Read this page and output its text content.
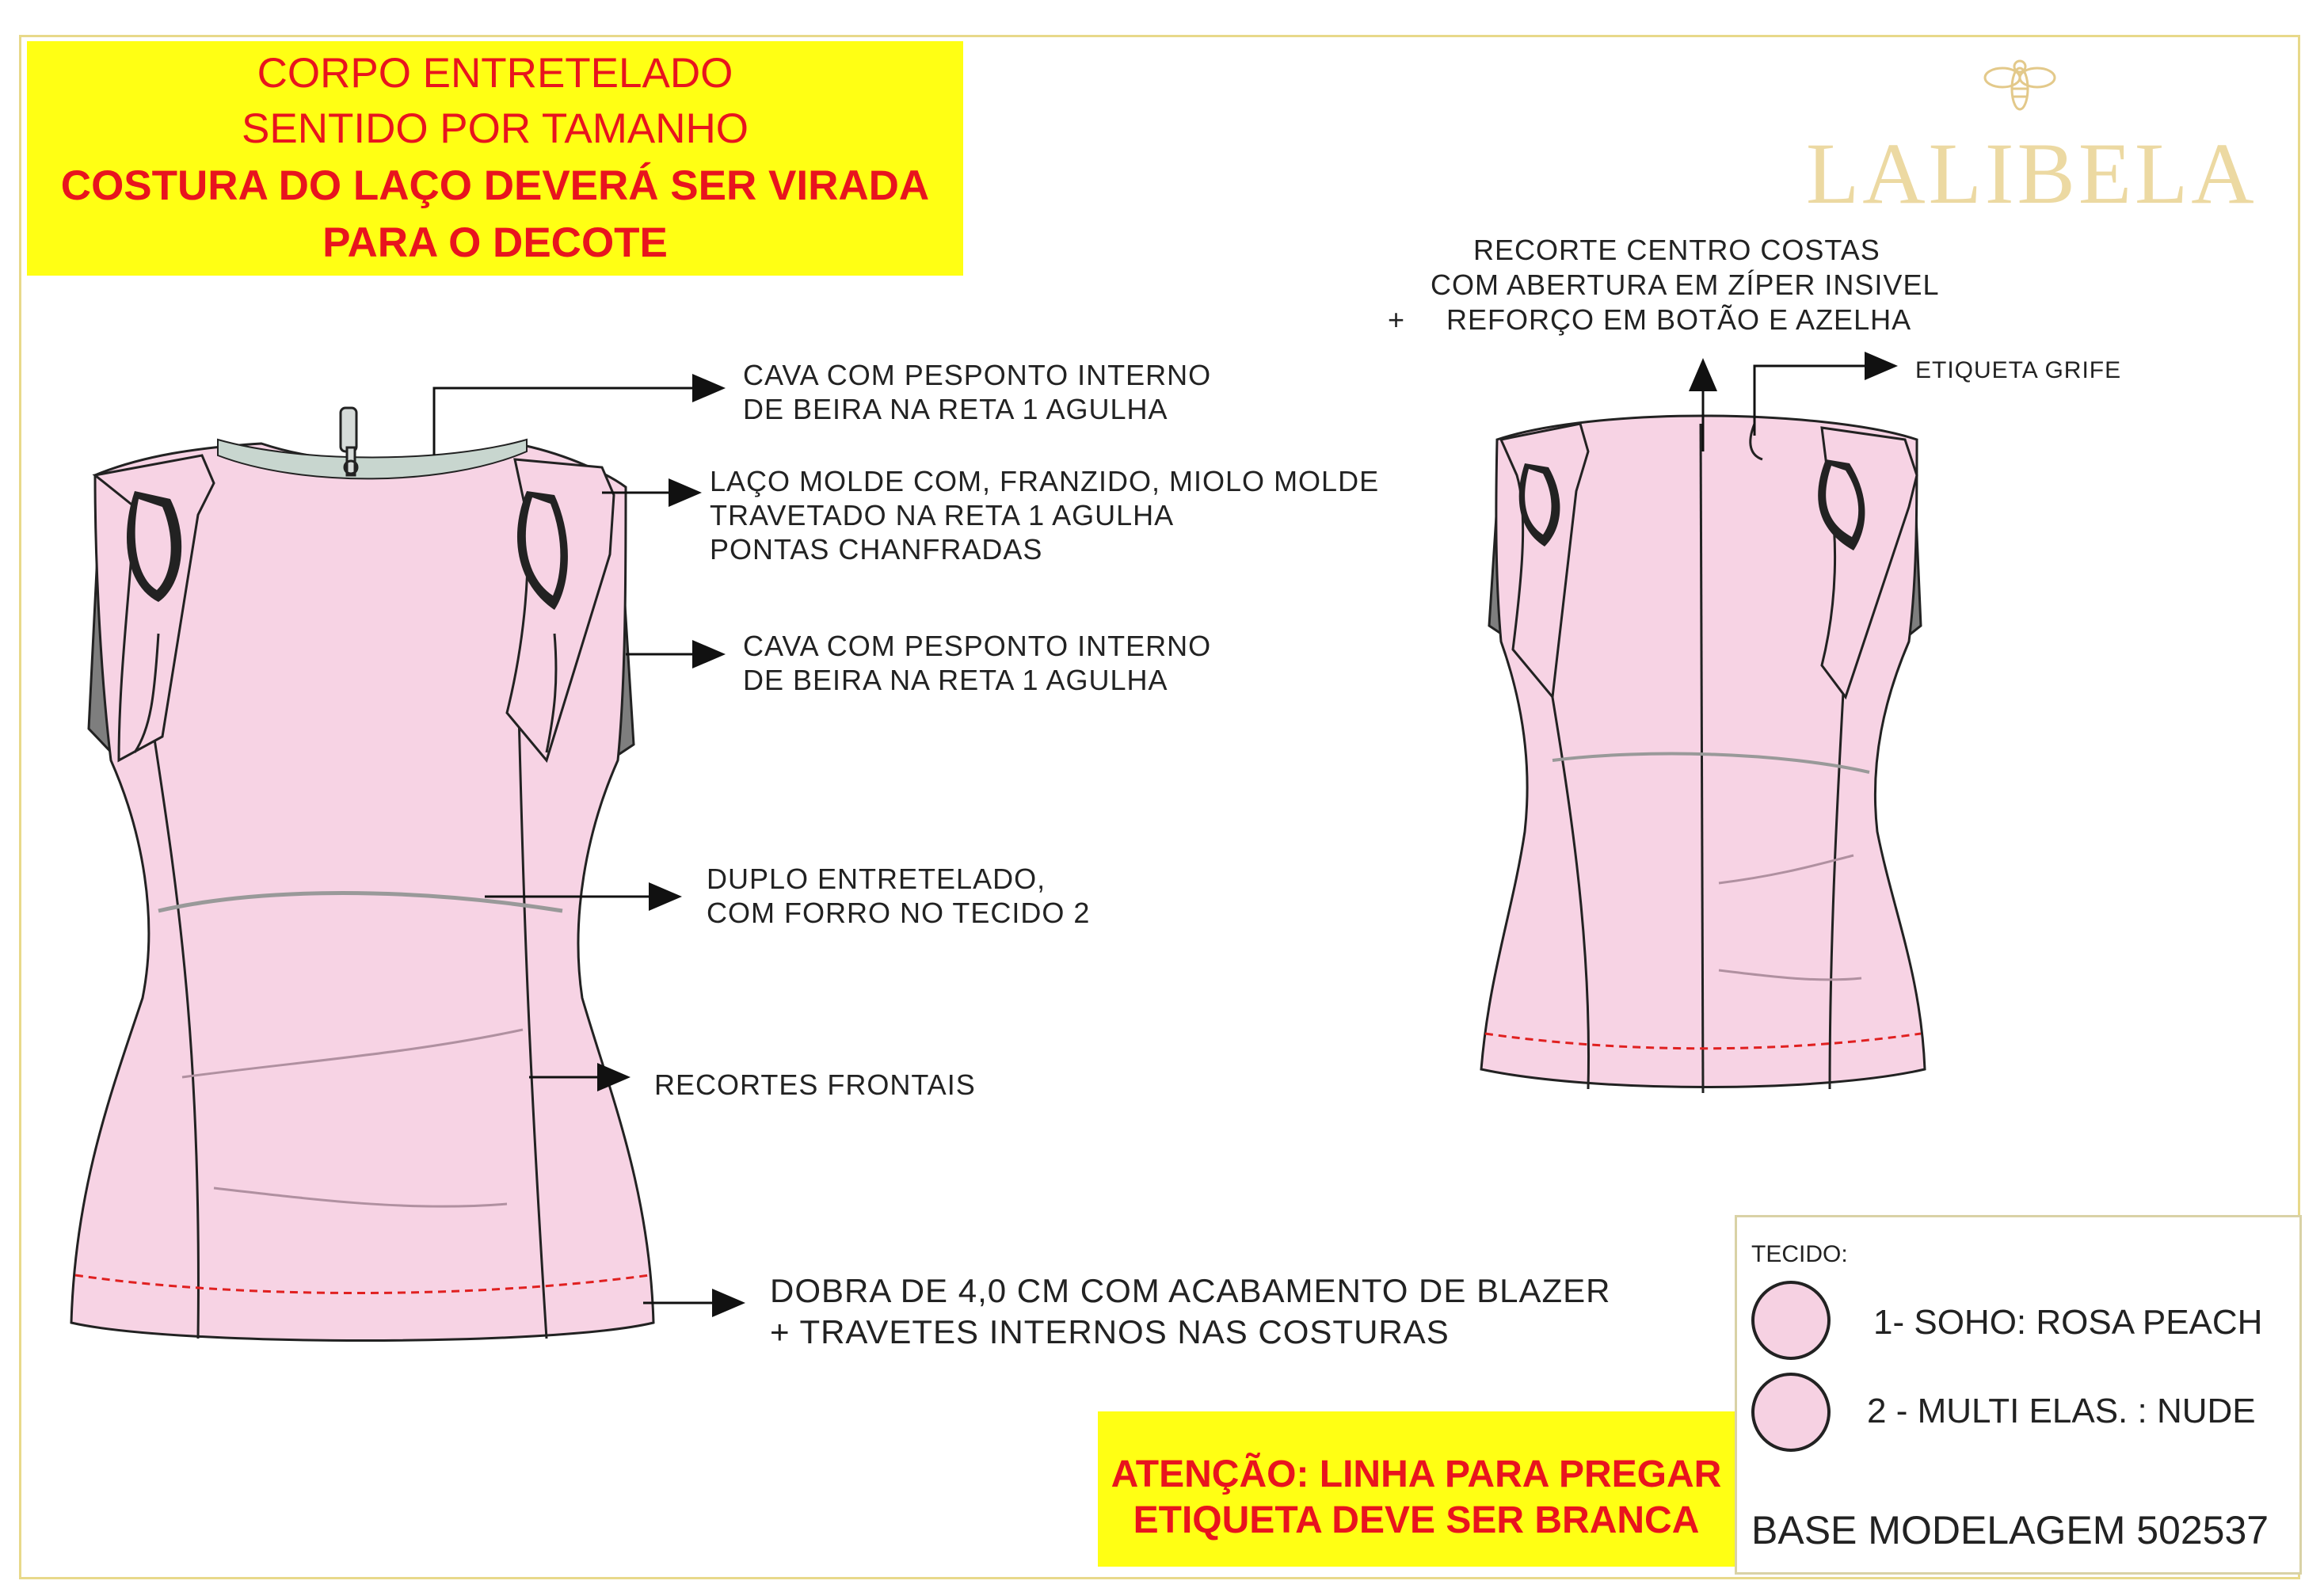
CORPO ENTRETELADO
SENTIDO POR TAMANHO
COSTURA DO LAÇO DEVERÁ SER VIRADA
PARA O DECOTE
LALIBELA
RECORTE CENTRO COSTAS
COM ABERTURA EM ZÍPER INSIVEL
+ REFORÇO EM BOTÃO E AZELHA
ETIQUETA GRIFE
CAVA COM PESPONTO INTERNO
DE BEIRA NA RETA 1 AGULHA
LAÇO MOLDE COM, FRANZIDO, MIOLO MOLDE
TRAVETADO NA RETA 1 AGULHA
PONTAS CHANFRADAS
CAVA COM PESPONTO INTERNO
DE BEIRA NA RETA 1 AGULHA
DUPLO ENTRETELADO,
COM FORRO NO TECIDO 2
RECORTES FRONTAIS
DOBRA DE 4,0 CM COM ACABAMENTO DE BLAZER
+ TRAVETES INTERNOS NAS COSTURAS
ATENÇÃO: LINHA PARA PREGAR
ETIQUETA DEVE SER BRANCA
TECIDO:
1- SOHO: ROSA PEACH
2 - MULTI ELAS. : NUDE
BASE MODELAGEM 502537
